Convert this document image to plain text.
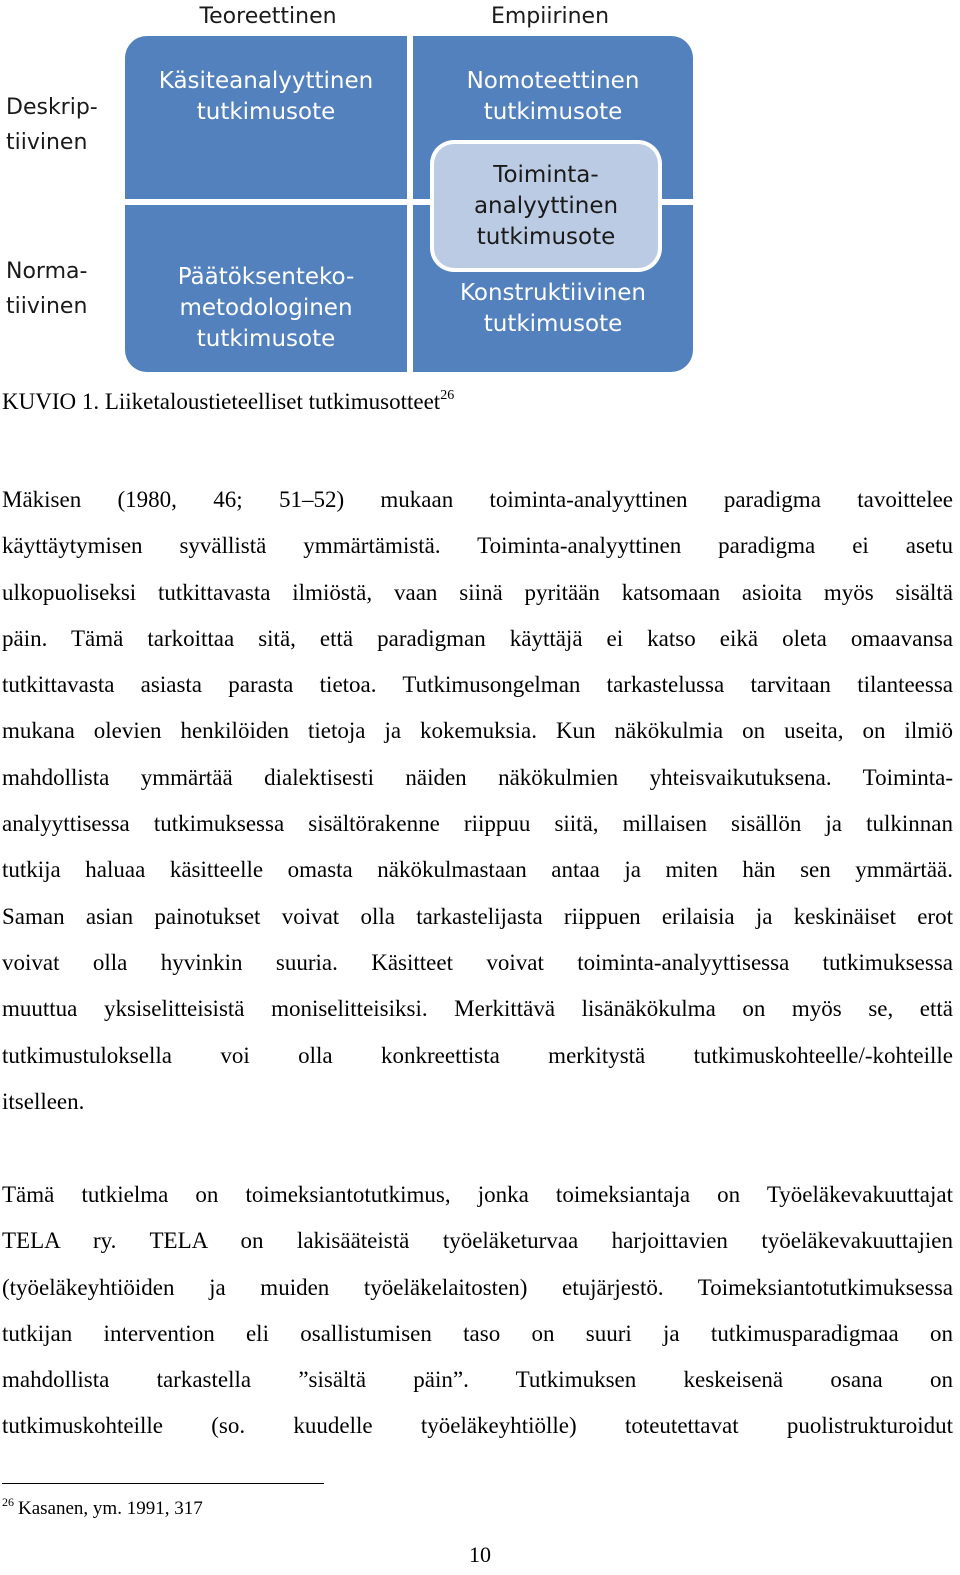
Teoreettinen	Empiirinen
Deskrip-
tiivinen
Norma-
tiivinen
Käsiteanalyyttinen
tutkimusote
Nomoteettinen
tutkimusote
Päätöksenteko-
metodologinen
tutkimusote
Konstruktiivinen
tutkimusote
Toiminta-
analyyttinen
tutkimusote
KUVIO 1. Liiketaloustieteelliset tutkimusotteet$^{26}$
Mäkisen (1980, 46; 51–52) mukaan toiminta-analyyttinen paradigma tavoittelee
käyttäytymisen syvällistä ymmärtämistä. Toiminta-analyyttinen paradigma ei asetu
ulkopuoliseksi tutkittavasta ilmiöstä, vaan siinä pyritään katsomaan asioita myös sisältä
päin. Tämä tarkoittaa sitä, että paradigman käyttäjä ei katso eikä oleta omaavansa
tutkittavasta asiasta parasta tietoa. Tutkimusongelman tarkastelussa tarvitaan tilanteessa
mukana olevien henkilöiden tietoja ja kokemuksia. Kun näkökulmia on useita, on ilmiö
mahdollista ymmärtää dialektisesti näiden näkökulmien yhteisvaikutuksena. Toiminta-
analyyttisessa tutkimuksessa sisältörakenne riippuu siitä, millaisen sisällön ja tulkinnan
tutkija haluaa käsitteelle omasta näkökulmastaan antaa ja miten hän sen ymmärtää.
Saman asian painotukset voivat olla tarkastelijasta riippuen erilaisia ja keskinäiset erot
voivat olla hyvinkin suuria. Käsitteet voivat toiminta-analyyttisessa tutkimuksessa
muuttua yksiselitteisistä moniselitteisiksi. Merkittävä lisänäkökulma on myös se, että
tutkimustuloksella voi olla konkreettista merkitystä tutkimuskohteelle/-kohteille
itselleen.
Tämä tutkielma on toimeksiantotutkimus, jonka toimeksiantaja on Työeläkevakuuttajat
TELA ry. TELA on lakisääteistä työeläketurvaa harjoittavien työeläkevakuuttajien
(työeläkeyhtiöiden ja muiden työeläkelaitosten) etujärjestö. Toimeksiantotutkimuksessa
tutkijan intervention eli osallistumisen taso on suuri ja tutkimusparadigmaa on
mahdollista tarkastella ”sisältä päin”. Tutkimuksen keskeisenä osana on
tutkimuskohteille (so. kuudelle työeläkeyhtiölle) toteutettavat puolistrukturoidut
$^{26}$ Kasanen, ym. 1991, 317
10
